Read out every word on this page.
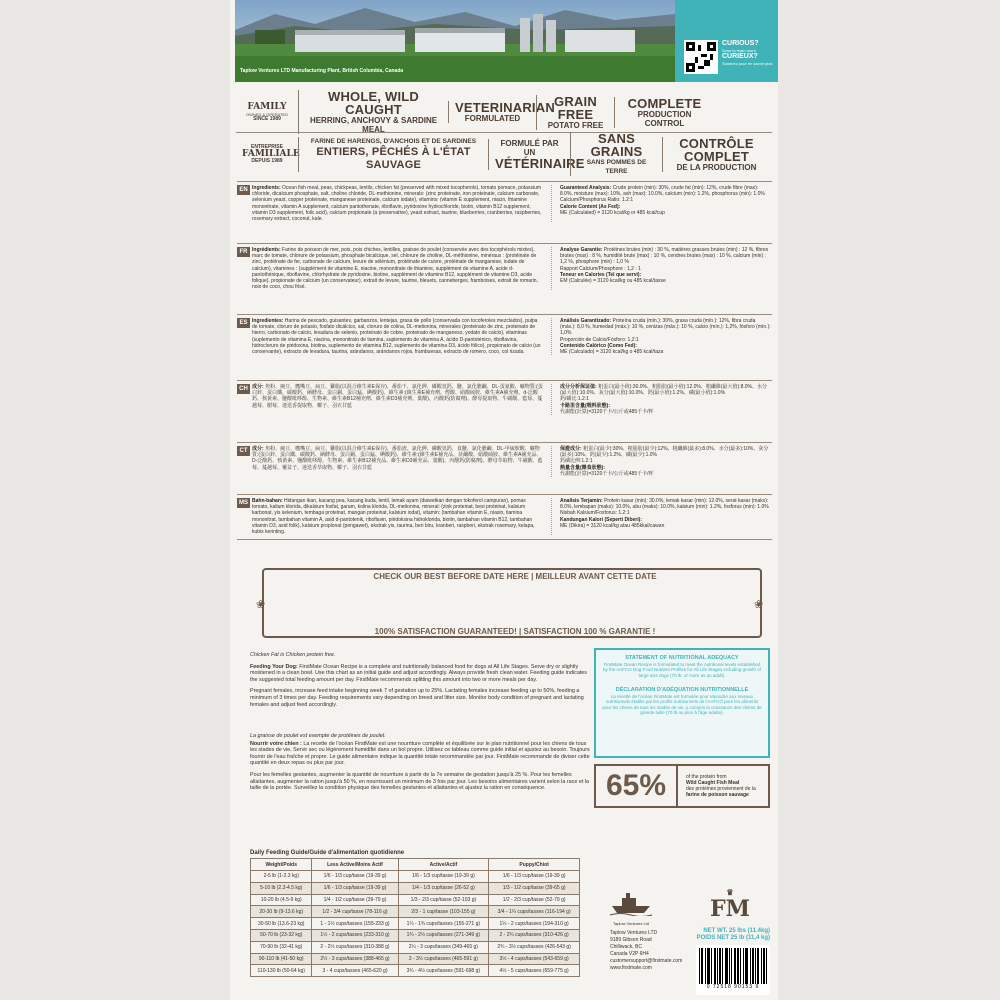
Taplow Ventures LTD Manufacturing Plant, British Columbia, Canada
CURIOUS?
Scan to learn more
CURIEUX?
Scannez pour en savoir plus
FAMILY
OWNED & OPERATED
SINCE 1989
WHOLE, WILD CAUGHT
HERRING, ANCHOVY & SARDINE MEAL
VETERINARIAN
FORMULATED
GRAIN FREE
POTATO FREE
COMPLETE
PRODUCTION CONTROL
ENTREPRISE
FAMILIALE
DEPUIS 1989
FARINE DE HARENGS, D'ANCHOIS ET DE SARDINES
ENTIERS, PÊCHÉS À L'ÉTAT SAUVAGE
FORMULÉ PAR UN
VÉTÉRINAIRE
SANS GRAINS
SANS POMMES DE TERRE
CONTRÔLE COMPLET
DE LA PRODUCTION
EN Ingredients: Ocean fish meal, peas, chickpeas, lentils, chicken fat (preserved with mixed tocopherols), tomato pomace, potassium chloride, dicalcium phosphate, salt, choline chloride, DL-methionine, minerals: (zinc proteinate, iron proteinate, calcium carbonate, selenium yeast, copper proteinate, manganese proteinate, calcium iodate), vitamins: (vitamin E supplement, niacin, thiamine mononitrate, vitamin A supplement, calcium pantothenate, riboflavin, pyridoxine hydrochloride, biotin, vitamin B12 supplement, vitamin D3 supplement, folic acid), calcium propionate (a preservative), yeast extract, taurine, blueberries, cranberries, raspberries, rosemary extract, coconut, kale.
Guaranteed Analysis: Crude protein (min): 30%, crude fat (min): 12%, crude fibre (max): 8.0%, moisture (max): 10%, ash (max): 10.0%, calcium (min): 1.2%, phosphorus (min): 1.0%
Calcium/Phosphorus Ratio: 1.2:1
Calorie Content (As Fed):
ME (Calculated) = 3120 kcal/kg or 485 kcal/cup
FR Ingrédients: Farine de poisson de mer, pois, pois chiches, lentilles, graisse de poulet (conservée avec des tocophérols mixtes), marc de tomate, chlorure de potassium, phosphate bicalcique, sel, chlorure de choline, DL-méthionine, minéraux : (protéinate de zinc, protéinate de fer, carbonate de calcium, levure de sélénium, protéinate de cuivre, protéinate de manganèse, iodate de calcium), vitamines : (supplément de vitamine E, niacine, mononitrate de thiamine, supplément de vitamine A, acide d-pantothénique, riboflavine, chlorhydrate de pyridoxine, biotine, supplément de vitamine B12, supplément de vitamine D3, acide folique), propionate de calcium (un conservateur), extrait de levure, taurine, bleuets, canneberges, framboises, extrait de romarin, noix de coco, chou frisé.
Analyse Garantie: Protéines brutes (min) : 30 %, matières grasses brutes (min) : 12 %, fibres brutes (max) : 8 %, humidité brute (max) : 10 %, cendres brutes (max) : 10 %, calcium (min) : 1,2 %, phosphore (min) : 1,0 %
Rapport Calcium/Phosphore : 1,2 : 1
Teneur en Calories (Tel que servi):
EM (Calculée) = 3120 kcal/kg ou 485 kcal/tasse
ES Ingredientes: Harina de pescado, guisantes, garbanzos, lentejas, grasa de pollo (conservada con tocoferoles mezclados), pulpa de tomate, cloruro de potasio, fosfato dicálcico, sal, cloruro de colina, DL-metionina, minerales (proteinato de zinc, proteinato de hierro, carbonato de calcio, levadura de selenio, proteinato de cobre, proteinato de manganeso, yodato de calcio), vitaminas (suplemento de vitamina E, niacina, mononitrato de tiamina, suplemento de vitamina A, ácido D-pantoténico, riboflavina, hidrocloruro de piridoxina, biotina, suplemento de vitamina B12, suplemento de vitamina D3, ácido fólico), propionato de calcio (un conservante), extracto de levadura, taurina, arándanos, arándanos rojos, frambuesas, extracto de romero, coco, col rizada.
Análisis Garantizado: Proteína cruda (mín.): 30%, grasa cruda (mín.): 12%, fibra cruda (máx.): 8,0 %, humedad (máx.): 10 %, cenizas (máx.): 10 %, calcio (mín.): 1,2%, fósforo (mín.): 1,0%
Proporción de Calcio/Fósforo: 1,2:1
Contenido Calórico (Como Fed):
ME (Calculado) = 3120 kcal/kg o 485 kcal/taza
CH 成分: 魚粉、豌豆、鷹嘴豆、扁豆、雞脂(以混合維生素E保存)、番茄干、氯化鉀、磷酸氫鈣、鹽、氯化膽鹼、DL-蛋氨酸、礦物質:(蛋白鋅、蛋白鐵、碳酸鈣、硒酵母、蛋白銅、蛋白錳、碘酸鈣)、維生素:(維生素E補充劑、煙酸、硝酸硫胺、維生素A補充劑、d-泛酸鈣、核黃素、鹽酸吡哆醇、生物素、維生素B12補充劑、維生素D3補充劑、葉酸)、丙酸鈣(防腐劑)、酵母提取物、牛磺酸、藍莓、蔓越莓、樹莓、迷迭香提取物、椰子、羽衣甘藍
成分分析保证值: 粗蛋白(最小值):30.0%、粗脂肪(最小值):12.0%、粗纖維(最大值):8.0%、水分(最大值):10.0%、灰分(最大值):10.0%、鈣(最小值):1.2%、磷(最小值):1.0%
鈣/磷比:1.2:1
卡路里含量(喂料狀態):
代謝能(計算)=3120千卡/公斤或485千卡/杯
CT 成分: 魚粉、豌豆、鷹嘴豆、扁豆、雞脂(以混合維生素E保存)、番茄渣、氯化鉀、磷酸氫鈣、食鹽、氯化膽鹼、DL-甲硫胺酸、礦物質:(蛋白鋅、蛋白鐵、碳酸鈣、硒酵母、蛋白銅、蛋白錳、碘酸鈣)、維生素:(維生素E補充品、菸鹼酸、硝酸硫胺、維生素A補充品、D-泛酸鈣、核黃素、鹽酸吡哆醇、生物素、維生素B12補充品、維生素D3補充品、葉酸)、丙酸鈣(防腐劑)、酵母萃取物、牛磺酸、藍莓、蔓越莓、覆盆子、迷迭香萃取物、椰子、羽衣甘藍
保證成分: 粗蛋白(最少):30%、粗脂肪(最少):12%、粗纖維(最多):8.0%、水分(最多):10%、灰分(最多):10%、鈣(最少):1.2%、磷(最少):1.0%
鈣磷比例:1.2:1
熱量含量(餵食狀態):
代謝能(計算)=3120千卡/公斤或485千卡/杯
MS Bahn-bahan: Hidangan ikan, kacang pea, kacang kuda, lentil, lemak ayam (diawetkan dengan tokoferol campuran), pomas tomato, kalium klorida, dikalsium fosfat, garam, kolina klorida, DL-metionina, mineral: (zink proteinat, besi proteinat, kalsium karbonat, yis selenium, tembaga proteinat, mangan proteinat, kalsium iodat), vitamin: (tambahan vitamin E, niasin, tiamina mononitrat, tambahan vitamin A, asid d-pantotenik, riboflavin, piridoksina hidroklorida, biotin, tambahan vitamin B12, tambahan vitamin D3, asid folik), kalsium propionat (pengawet), ekstrak yis, taurina, beri biru, kranberi, raspberi, ekstrak rosemary, kelapa, kubis kerinting.
Analisis Terjamin: Protein kasar (min): 30.0%, lemak kasar (min): 12.0%, serat kasar (maks): 8.0%, lembapan (maks): 10.0%, abu (maks): 10.0%, kalsium (min): 1.2%, fosforus (min): 1.0%
Nisbah Kalsium/Fosforus: 1.2:1
Kandungan Kalori (Seperti Diberi):
ME (Dikira) = 3120 kcal/kg atau 485kkal/cawan
CHECK OUR BEST BEFORE DATE HERE | MEILLEUR AVANT CETTE DATE
100% SATISFACTION GUARANTEED! | SATISFACTION 100 % GARANTIE !
❀	❀
Chicken Fat is Chicken protein free.
Feeding Your Dog: FirstMate Ocean Recipe is a complete and nutritionally balanced food for dogs at All Life Stages. Serve dry or slightly moistened in a clean bowl. Use this chart as an initial guide and adjust accordingly. Always provide fresh clean water. Feeding guide indicates the suggested total feeding amount per day. FirstMate recommends splitting this amount into two or more meals per day.
Pregnant females, increase feed intake beginning week 7 of gestation up to 25%. Lactating females increase feeding up to 50%, feeding a minimum of 3 times per day. Feeding requirements vary depending on breed and litter size. Monitor body condition of pregnant and lactating females and adjust feed accordingly.
La graisse de poulet est exempte de protéines de poulet.
Nourrir votre chien : La recette de l'océan FirstMate est une nourriture complète et équilibrée sur le plan nutritionnel pour les chiens de tous les stades de vie. Servir sec ou légèrement humidifié dans un bol propre. Utilisez ce tableau comme guide initial et ajustez au besoin. Toujours fournir de l'eau fraîche et propre. Le guide alimentaire indique la quantité totale recommandée par jour. FirstMate recommande de diviser cette quantité en deux repas ou plus par jour.
Pour les femelles gestantes, augmenter la quantité de nourriture à partir de la 7e semaine de gestation jusqu'à 25 %. Pour les femelles allaitantes, augmenter la ration jusqu'à 50 %, en nourrissant un minimum de 3 fois par jour. Les besoins alimentaires varient selon la race et la taille de la portée. Surveillez la condition physique des femelles gestantes et allaitantes et ajustez la ration en conséquence.
STATEMENT OF NUTRITIONAL ADEQUACY
FirstMate Ocean Recipe is formulated to meet the nutritional levels established by the AAFCO Dog Food Nutrient Profiles for All Life Stages including growth of large size dogs (70 lb. or more as an adult).
DÉCLARATION D'ADÉQUATION NUTRITIONNELLE
La recette de l'océan FirstMate est formulée pour répondre aux niveaux nutritionnels établis par les profils nutritionnels de l'AAFCO pour les aliments pour les chiens de tous les stades de vie, y compris la croissance des chiens de grande taille (70 lb ou plus à l'âge adulte).
65%	of the protein from
Wild Caught Fish Meal
des protéines proviennent de la
farine de poisson sauvage
Daily Feeding Guide/Guide d'alimentation quotidienne
Weight/Poids	Less Active/Moins Actif	Active/Actif	Puppy/Chiot
2-5 lb (1-2.3 kg)	1/6 - 1/3 cup/tasse (19-39 g)	1/6 - 1/3 cup/tasse (19-39 g)	1/6 - 1/3 cup/tasse (19-39 g)
5-10 lb (2.3-4.5 kg)	1/6 - 1/3 cup/tasse (19-39 g)	1/4 - 1/3 cup/tasse (26-52 g)	1/3 - 1/2 cup/tasse (39-65 g)
10-20 lb (4.5-9 kg)	1/4 - 1/2 cup/tasse (39-79 g)	1/3 - 2/3 cup/tasse (52-103 g)	1/2 - 2/3 cup/tasse (52-79 g)
20-30 lb (9-13.6 kg)	1/2 - 3/4 cup/tasse (78-116 g)	2/3 - 1 cup/tasse (103-155 g)	3/4 - 1¼ cups/tasses (116-194 g)
30-50 lb (13.6-23 kg)	1 - 1½ cups/tasses (155-233 g)	1¼ - 1¾ cups/tasses (155-271 g)	1¼ - 2 cups/tasses (194-310 g)
50-70 lb (23-32 kg)	1½ - 2 cups/tasses (233-310 g)	1¾ - 2½ cups/tasses (271-349 g)	2 - 2¾ cups/tasses (310-426 g)
70-90 lb (32-41 kg)	2 - 2½ cups/tasses (310-388 g)	2¼ - 3 cups/tasses (349-465 g)	2¾ - 3½ cups/tasses (426-543 g)
90-110 lb (41-50 kg)	2½ - 3 cups/tasses (388-465 g)	3 - 3½ cups/tasses (465-591 g)	3½ - 4 cups/tasses (543-659 g)
110-130 lb (50-64 kg)	3 - 4 cups/tasses (465-620 g)	3¾ - 4½ cups/tasses (591-698 g)	4½ - 5 cups/tasses (659-775 g)
Taplow Ventures Ltd
Taplow Ventures LTD
9189 Gibson Road
Chilliwack, BC
Canada V2P 6H4
customersupport@firstmate.com
www.firstmate.com
♛
FM
NET WT. 25 lbs (11.4kg)
POIDS NET 25 lb (11,4 kg)
0 72518 90153 9
